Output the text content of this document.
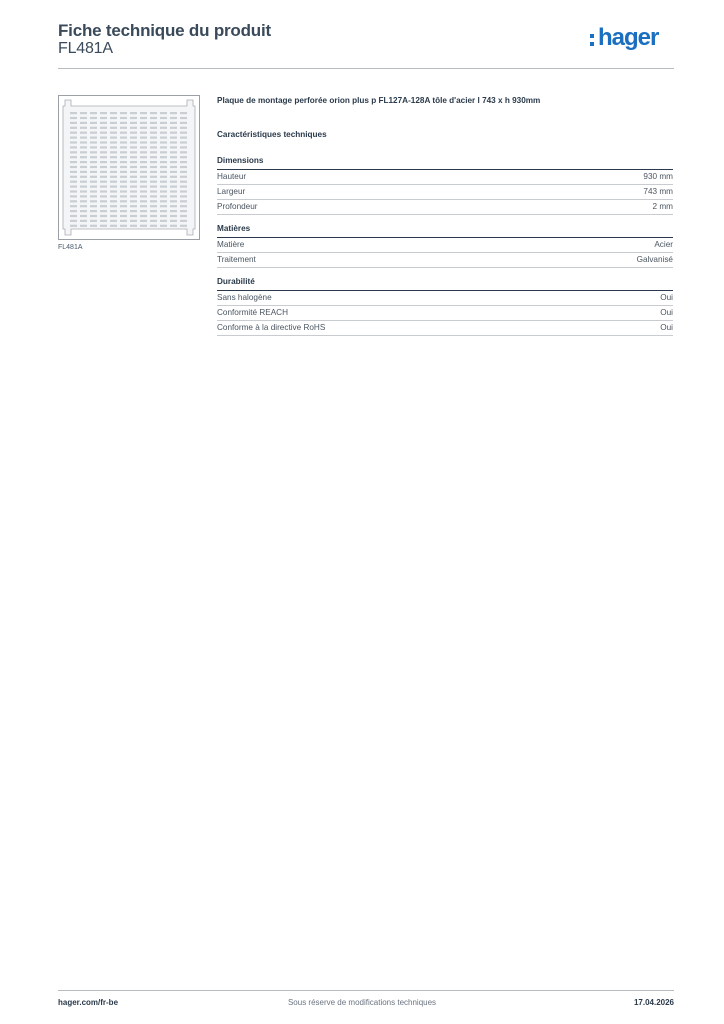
Fiche technique du produit
FL481A	hager
FL481A
Plaque de montage perforée orion plus p FL127A-128A tôle d'acier l 743 x h 930mm
Caractéristiques techniques
Dimensions
Hauteur	930 mm
Largeur	743 mm
Profondeur	2 mm
Matières
Matière	Acier
Traitement	Galvanisé
Durabilité
Sans halogène	Oui
Conformité REACH	Oui
Conforme à la directive RoHS	Oui
hager.com/fr-be	Sous réserve de modifications techniques	17.04.2026
